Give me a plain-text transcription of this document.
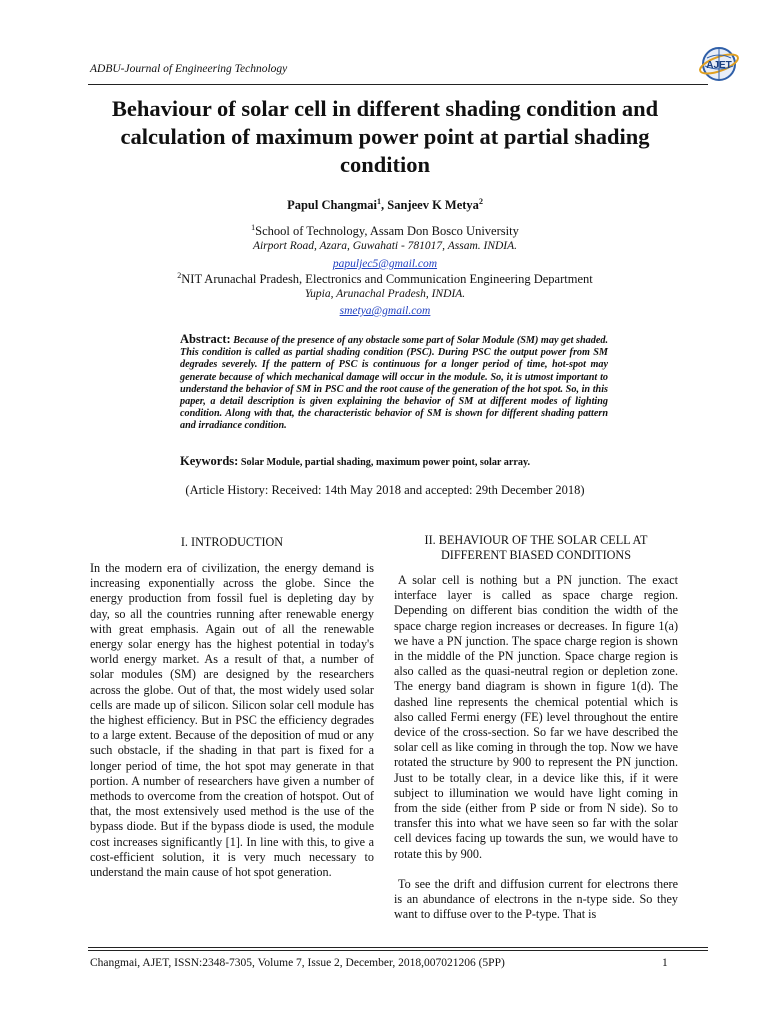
ADBU-Journal of Engineering Technology	AJET
Behaviour of solar cell in different shading condition and calculation of maximum power point at partial shading condition
Papul Changmai$^1$, Sanjeev K Metya$^2$
$^1$School of Technology, Assam Don Bosco University
Airport Road, Azara, Guwahati - 781017, Assam. INDIA.
papuljec5@gmail.com
$^2$NIT Arunachal Pradesh, Electronics and Communication Engineering Department
Yupia, Arunachal Pradesh, INDIA.
smetya@gmail.com
Abstract: Because of the presence of any obstacle some part of Solar Module (SM) may get shaded. This condition is called as partial shading condition (PSC). During PSC the output power from SM degrades severely. If the pattern of PSC is continuous for a longer period of time, hot-spot may generate because of which mechanical damage will occur in the module. So, it is utmost important to understand the behavior of SM in PSC and the root cause of the generation of the hot spot. So, in this paper, a detail description is given explaining the behavior of SM at different modes of lighting condition. Along with that, the characteristic behavior of SM is shown for different shading pattern and irradiance condition.
Keywords: Solar Module, partial shading, maximum power point, solar array.
(Article History: Received: 14th May 2018 and accepted: 29th December 2018)
I. INTRODUCTION

In the modern era of civilization, the energy demand is increasing exponentially across the globe. Since the energy production from fossil fuel is depleting day by day, so all the countries running after renewable energy with great emphasis. Again out of all the renewable energy solar energy has the highest potential in today's world energy market. As a result of that, a number of solar modules (SM) are designed by the researchers across the globe. Out of that, the most widely used solar cells are made up of silicon. Silicon solar cell module has the highest efficiency. But in PSC the efficiency degrades to a large extent. Because of the deposition of mud or any such obstacle, if the shading in that part is fixed for a longer period of time, the hot spot may generate in that portion. A number of researchers have given a number of methods to overcome from the creation of hotspot. Out of that, the most extensively used method is the use of the bypass diode. But if the bypass diode is used, the module cost increases significantly [1]. In line with this, to give a cost-efficient solution, it is very much necessary to understand the main cause of hot spot generation.

II. BEHAVIOUR OF THE SOLAR CELL AT
DIFFERENT BIASED CONDITIONS

A solar cell is nothing but a PN junction. The exact interface layer is called as space charge region. Depending on different bias condition the width of the space charge region increases or decreases. In figure 1(a) we have a PN junction. The space charge region is shown in the middle of the PN junction. Space charge region is also called as the quasi-neutral region or depletion zone. The energy band diagram is shown in figure 1(d). The dashed line represents the chemical potential which is also called Fermi energy (FE) level throughout the entire device of the cross-section. So far we have described the solar cell as like coming in through the top. Now we have rotated the structure by 900 to represent the PN junction. Just to be totally clear, in a device like this, if it were subject to illumination we would have light coming in from the side (either from P side or from N side). So to transfer this into what we have seen so far with the solar cell devices facing up towards the sun, we would have to rotate this by 900.

To see the drift and diffusion current for electrons there is an abundance of electrons in the n-type side. So they want to diffuse over to the P-type. That is

Changmai, AJET, ISSN:2348-7305, Volume 7, Issue 2, December, 2018,007021206 (5PP)	1
